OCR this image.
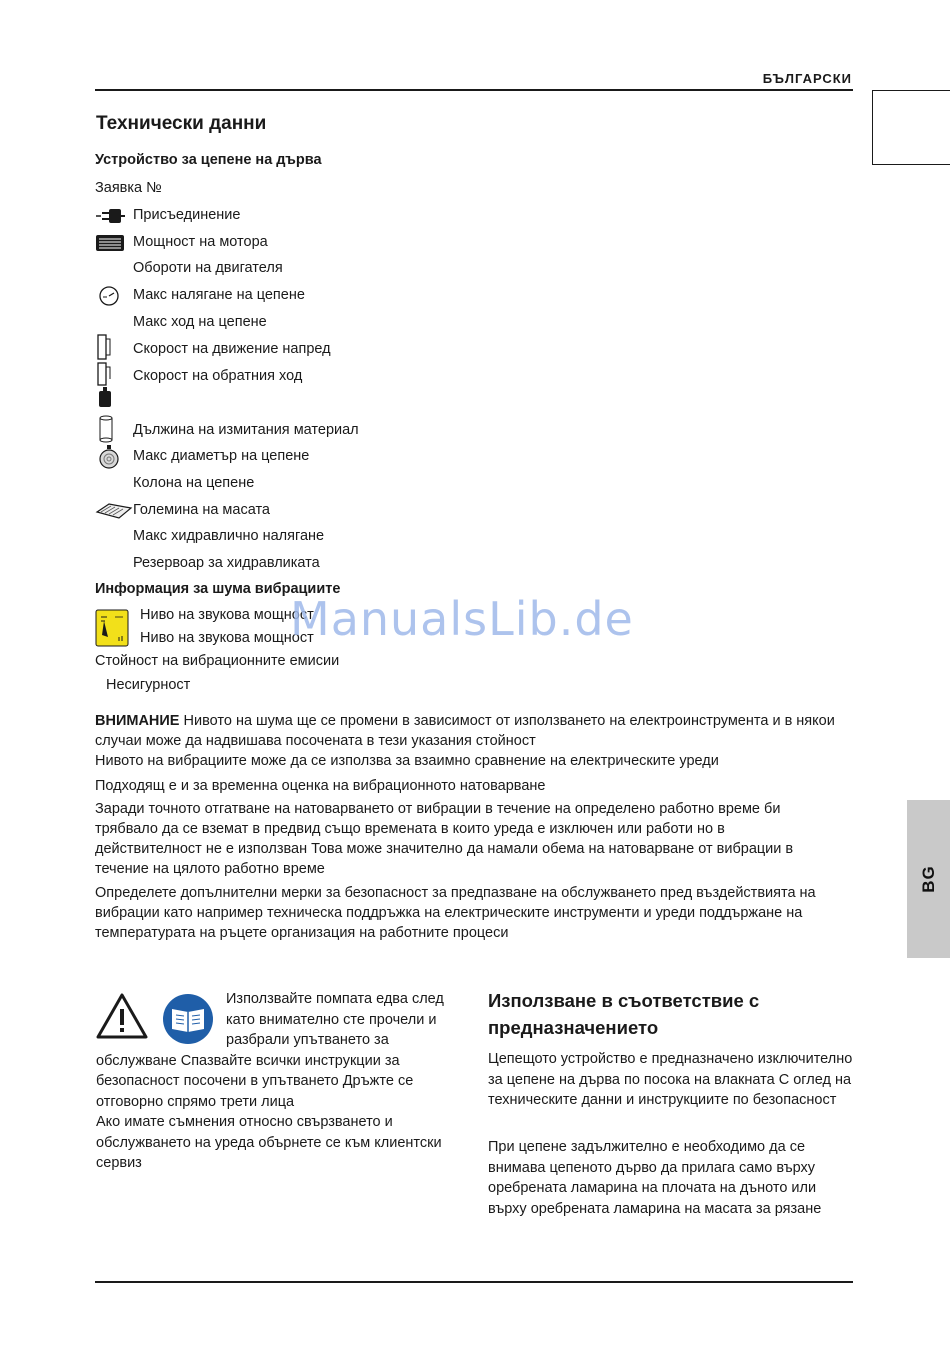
БЪЛГАРСКИ
BG
Технически данни
Устройство за цепене на дърва
Заявка №
Присъединение
Мощност на мотора
Обороти на двигателя
Макс налягане на цепене
Макс ход на цепене
Скорост на движение напред
Скорост на обратния ход
Дължина на измитания материал
Макс диаметър на цепене
Колона на цепене
Големина на масата
Макс хидравлично налягане
Резервоар за хидравликата
Информация за шума вибрациите
Ниво на звукова мощност
Ниво на звукова мощност
Стойност на вибрационните емисии
Несигурност
ManualsLib.de
ВНИМАНИЕ Нивото на шума ще се промени в зависимост от използването на електроинструмента и в някои случаи може да надвишава посочената в тези указания стойност
Нивото на вибрациите може да се използва за взаимно сравнение на електрическите уреди
Подходящ е и за временна оценка на вибрационното натоварване
Заради точното отгатване на натоварването от вибрации в течение на определено работно време би трябвало да се вземат в предвид също времената в които уреда е изключен или работи но в действителност не е използван Това може значително да намали обема на натоварване от вибрации в течение на цялото работно време
Определете допълнителни мерки за безопасност за предпазване на обслужването пред въздействията на вибрации като например техническа поддръжка на електрическите инструменти и уреди поддържане на температурата на ръцете организация на работните процеси
Използвайте помпата едва след като внимателно сте прочели и разбрали упътването за обслужване Спазвайте всички инструкции за безопасност посочени в упътването Дръжте се отговорно спрямо трети лица
Ако имате съмнения относно свързването и обслужването на уреда обърнете се към клиентски сервиз
Използване в съответствие с предназначението
Цепещото устройство е предназначено изключително за цепене на дърва по посока на влакната С оглед на техническите данни и инструкциите по безопасност
При цепене задължително е необходимо да се внимава цепеното дърво да прилага само върху оребрената ламарина на плочата на дъното или върху оребрената ламарина на масата за рязане
